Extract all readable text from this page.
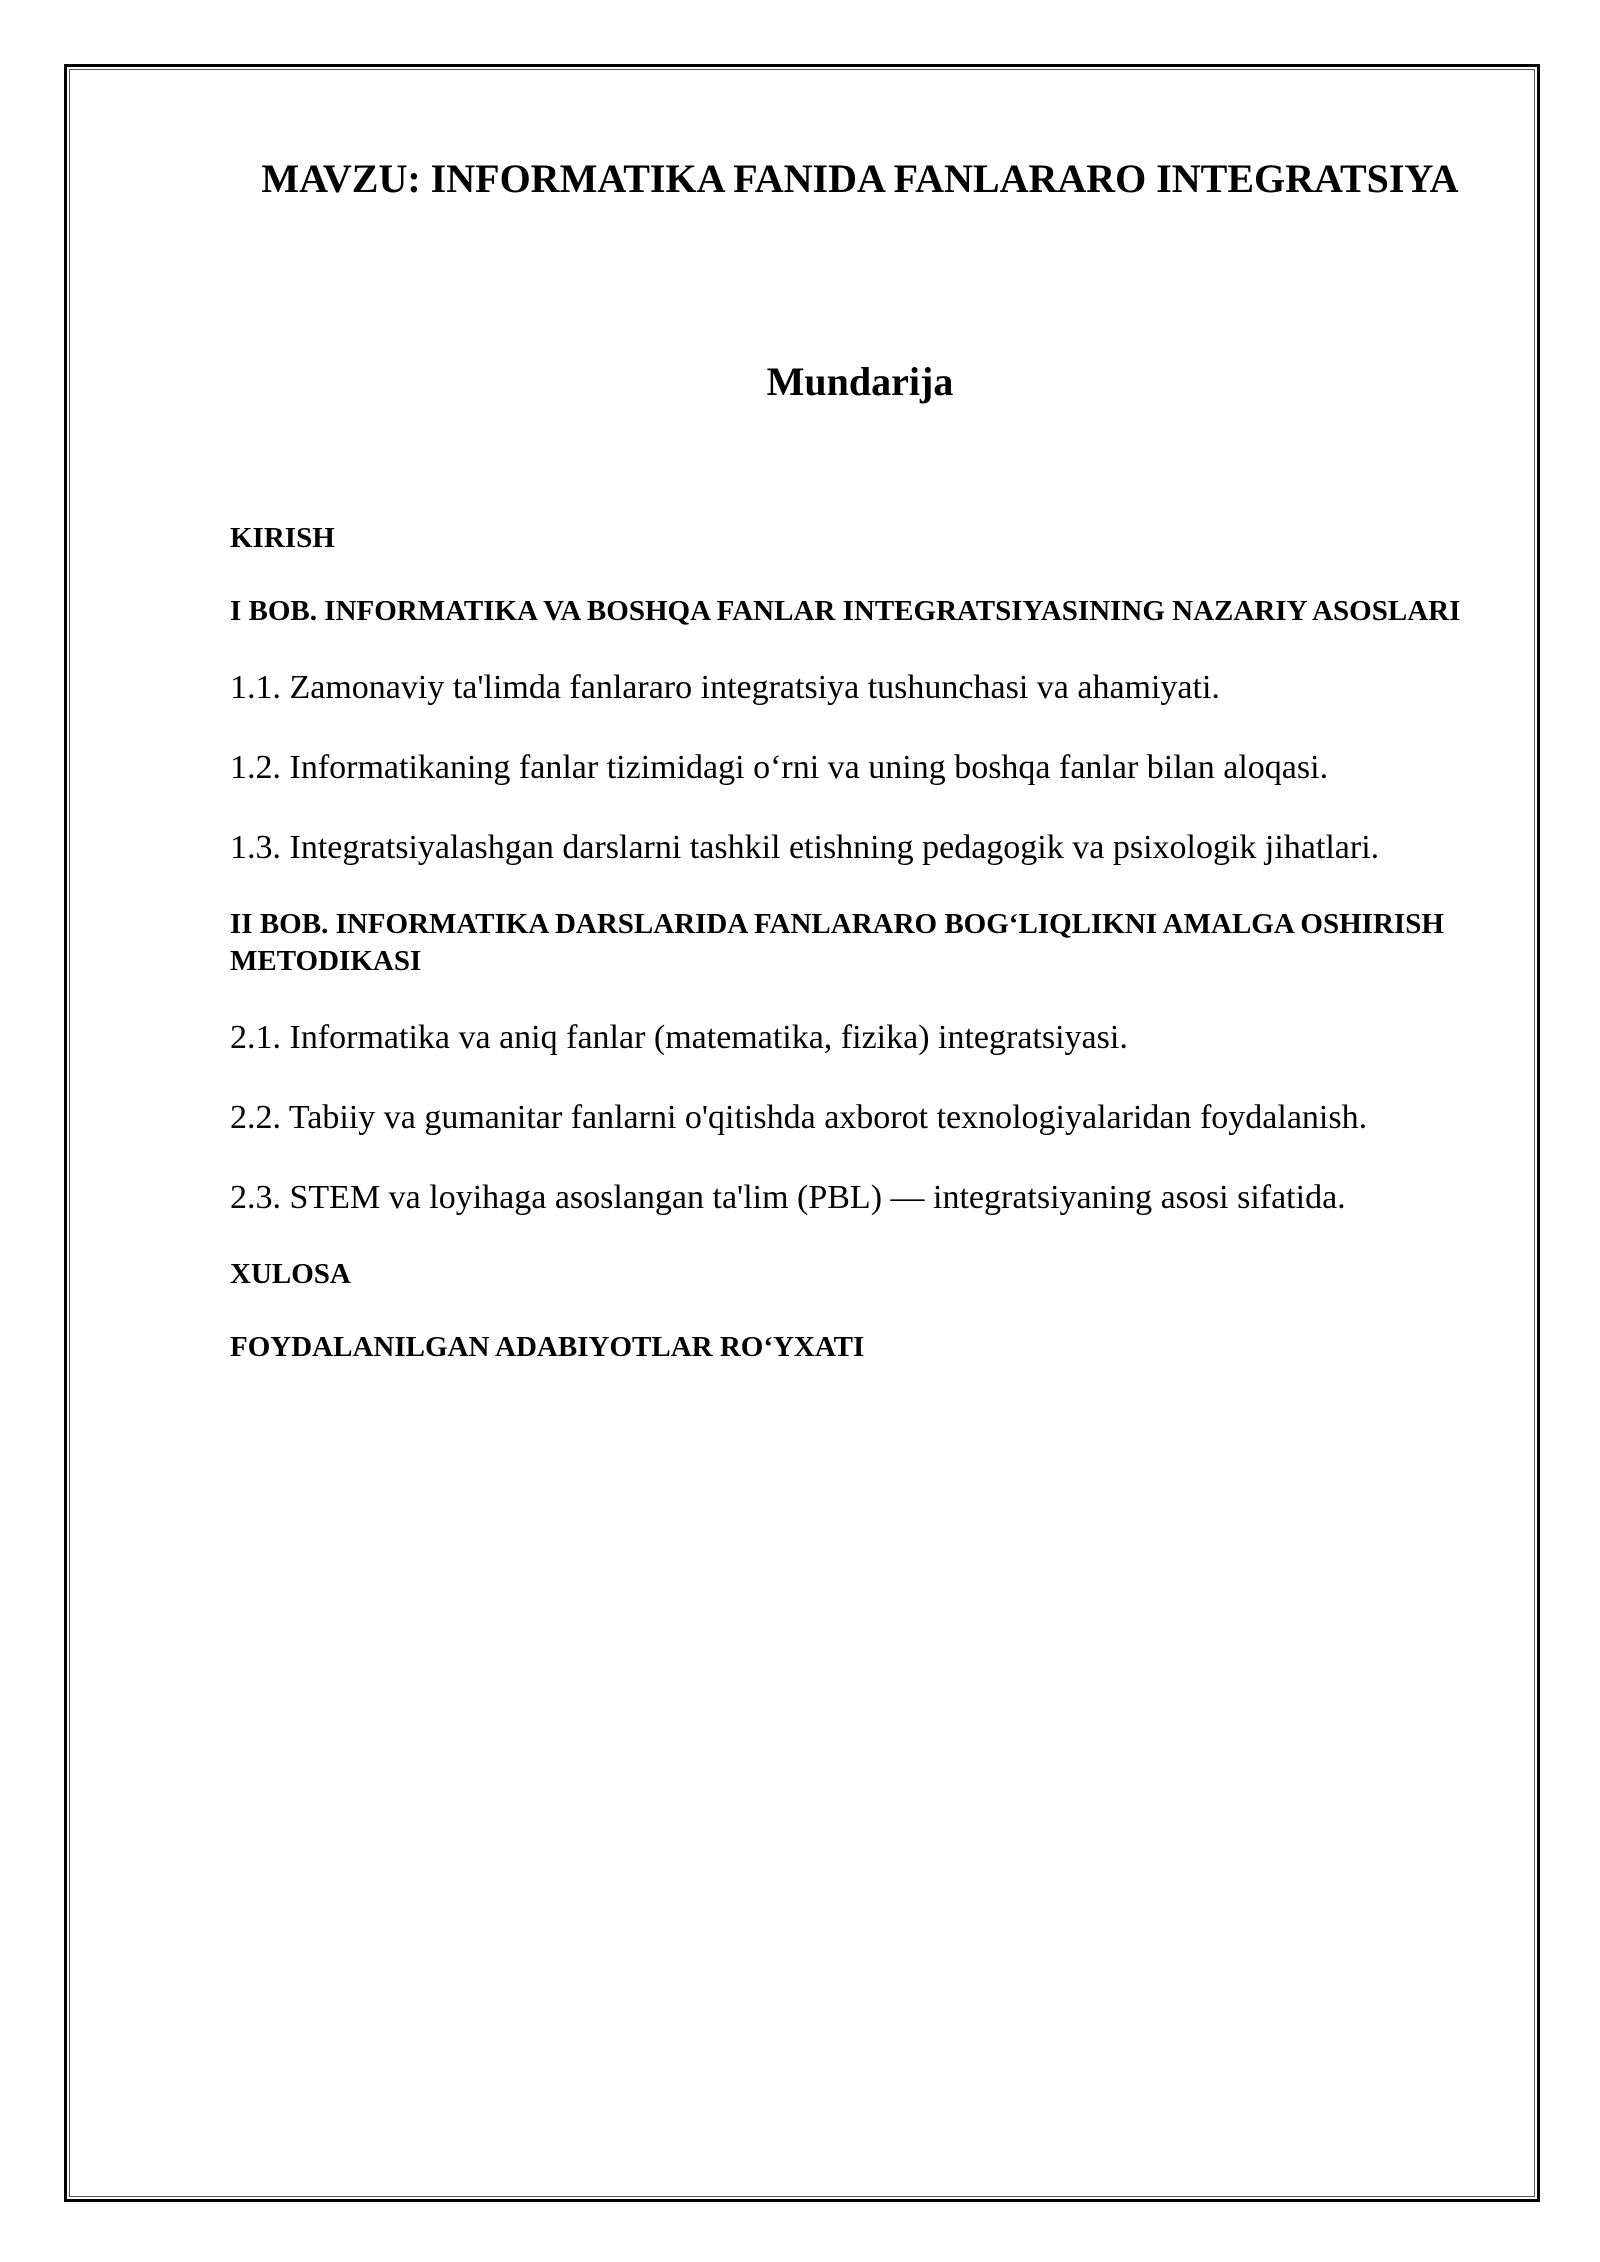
MAVZU: INFORMATIKA FANIDA FANLARARO INTEGRATSIYA
Mundarija
KIRISH
I BOB. INFORMATIKA VA BOSHQA FANLAR INTEGRATSIYASINING NAZARIY ASOSLARI
1.1. Zamonaviy ta'limda fanlararo integratsiya tushunchasi va ahamiyati.
1.2. Informatikaning fanlar tizimidagi o‘rni va uning boshqa fanlar bilan aloqasi.
1.3. Integratsiyalashgan darslarni tashkil etishning pedagogik va psixologik jihatlari.
II BOB. INFORMATIKA DARSLARIDA FANLARARO BOG‘LIQLIKNI AMALGA OSHIRISH METODIKASI
2.1. Informatika va aniq fanlar (matematika, fizika) integratsiyasi.
2.2. Tabiiy va gumanitar fanlarni o'qitishda axborot texnologiyalaridan foydalanish.
2.3. STEM va loyihaga asoslangan ta'lim (PBL) — integratsiyaning asosi sifatida.
XULOSA
FOYDALANILGAN ADABIYOTLAR RO‘YXATI
